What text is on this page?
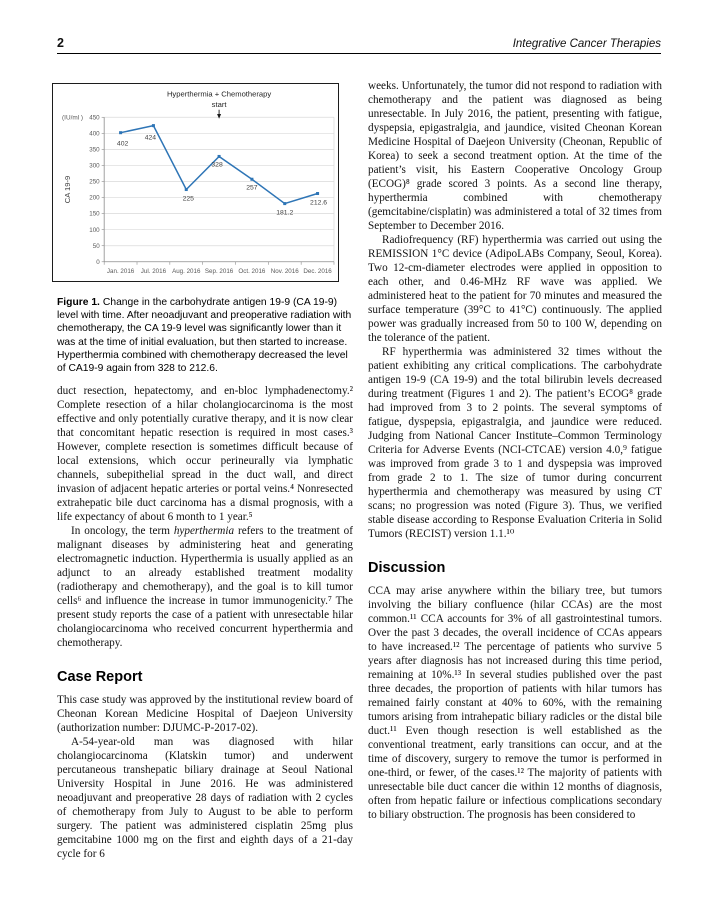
2	Integrative Cancer Therapies
0
50
100
150
200
250
300
350
400
450
Jan. 2016 Jul. 2016 Aug. 2016 Sep. 2016 Oct. 2016 Nov. 2016 Dec. 2016
(IU/ml )
CA 19-9
Hyperthermia + Chemotherapy
start
402
424
225
328
257
181.2
212.6

Figure 1. Change in the carbohydrate antigen 19-9 (CA 19-9) level with time. After neoadjuvant and preoperative radiation with chemotherapy, the CA 19-9 level was significantly lower than it was at the time of initial evaluation, but then started to increase. Hyperthermia combined with chemotherapy decreased the level of CA19-9 again from 328 to 212.6.

duct resection, hepatectomy, and en-bloc lymphadenectomy.² Complete resection of a hilar cholangiocarcinoma is the most effective and only potentially curative therapy, and it is now clear that concomitant hepatic resection is required in most cases.³ However, complete resection is sometimes difficult because of local extensions, which occur perineurally via lymphatic channels, subepithelial spread in the duct wall, and direct invasion of adjacent hepatic arteries or portal veins.⁴ Nonresected extrahepatic bile duct carcinoma has a dismal prognosis, with a life expectancy of about 6 month to 1 year.⁵

In oncology, the term hyperthermia refers to the treatment of malignant diseases by administering heat and generating electromagnetic induction. Hyperthermia is usually applied as an adjunct to an already established treatment modality (radiotherapy and chemotherapy), and the goal is to kill tumor cells⁶ and influence the increase in tumor immunogenicity.⁷ The present study reports the case of a patient with unresectable hilar cholangiocarcinoma who received concurrent hyperthermia and chemotherapy.

Case Report

This case study was approved by the institutional review board of Cheonan Korean Medicine Hospital of Daejeon University (authorization number: DJUMC-P-2017-02).

A-54-year-old man was diagnosed with hilar cholangiocarcinoma (Klatskin tumor) and underwent percutaneous transhepatic biliary drainage at Seoul National University Hospital in June 2016. He was administered neoadjuvant and preoperative 28 days of radiation with 2 cycles of chemotherapy from July to August to be able to perform surgery. The patient was administered cisplatin 25mg plus gemcitabine 1000 mg on the first and eighth days of a 21-day cycle for 6

weeks. Unfortunately, the tumor did not respond to radiation with chemotherapy and the patient was diagnosed as being unresectable. In July 2016, the patient, presenting with fatigue, dyspepsia, epigastralgia, and jaundice, visited Cheonan Korean Medicine Hospital of Daejeon University (Cheonan, Republic of Korea) to seek a second treatment option. At the time of the patient’s visit, his Eastern Cooperative Oncology Group (ECOG)⁸ grade scored 3 points. As a second line therapy, hyperthermia combined with chemotherapy (gemcitabine/cisplatin) was administered a total of 32 times from September to December 2016.

Radiofrequency (RF) hyperthermia was carried out using the REMISSION 1°C device (AdipoLABs Company, Seoul, Korea). Two 12-cm-diameter electrodes were applied in opposition to each other, and 0.46-MHz RF wave was applied. We administered heat to the patient for 70 minutes and measured the surface temperature (39°C to 41°C) continuously. The applied power was gradually increased from 50 to 100 W, depending on the tolerance of the patient.

RF hyperthermia was administered 32 times without the patient exhibiting any critical complications. The carbohydrate antigen 19-9 (CA 19-9) and the total bilirubin levels decreased during treatment (Figures 1 and 2). The patient’s ECOG⁸ grade had improved from 3 to 2 points. The several symptoms of fatigue, dyspepsia, epigastralgia, and jaundice were reduced. Judging from National Cancer Institute–Common Terminology Criteria for Adverse Events (NCI-CTCAE) version 4.0,⁹ fatigue was improved from grade 3 to 1 and dyspepsia was improved from grade 2 to 1. The size of tumor during concurrent hyperthermia and chemotherapy was measured by using CT scans; no progression was noted (Figure 3). Thus, we verified stable disease according to Response Evaluation Criteria in Solid Tumors (RECIST) version 1.1.¹⁰

Discussion

CCA may arise anywhere within the biliary tree, but tumors involving the biliary confluence (hilar CCAs) are the most common.¹¹ CCA accounts for 3% of all gastrointestinal tumors. Over the past 3 decades, the overall incidence of CCAs appears to have increased.¹² The percentage of patients who survive 5 years after diagnosis has not increased during this time period, remaining at 10%.¹³ In several studies published over the past three decades, the proportion of patients with hilar tumors has remained fairly constant at 40% to 60%, with the remaining tumors arising from intrahepatic biliary radicles or the distal bile duct.¹¹ Even though resection is well established as the conventional treatment, early transitions can occur, and at the time of discovery, surgery to remove the tumor is performed in one-third, or fewer, of the cases.¹² The majority of patients with unresectable bile duct cancer die within 12 months of diagnosis, often from hepatic failure or infectious complications secondary to biliary obstruction. The prognosis has been considered to
